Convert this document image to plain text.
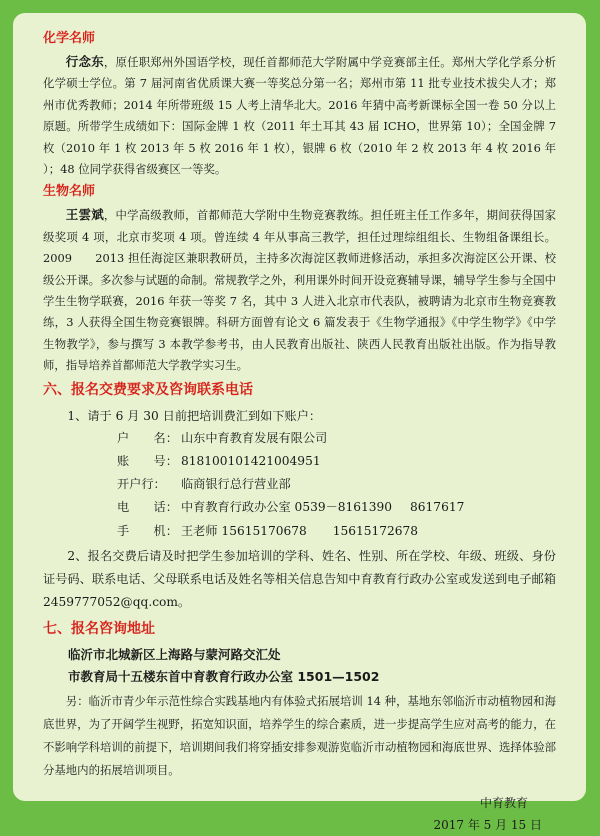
化学名师

行念东，原任职郑州外国语学校，现任首都师范大学附属中学竞赛部主任。郑州大学化学系分析化学硕士学位。第 7 届河南省优质课大赛一等奖总分第一名；郑州市第 11 批专业技术拔尖人才；郑州市优秀教师；2014 年所带班级 15 人考上清华北大。2016 年猜中高考新课标全国一卷 50 分以上原题。所带学生成绩如下：国际金牌 1 枚（2011 年土耳其 43 届 ICHO，世界第 10）；全国金牌 7 枚（2010 年 1 枚 2013 年 5 枚 2016 年 1 枚），银牌 6 枚（2010 年 2 枚 2013 年 4 枚 2016 年 ）；48 位同学获得省级赛区一等奖。

生物名师

王雲斌，中学高级教师，首都师范大学附中生物竞赛教练。担任班主任工作多年，期间获得国家级奖项 4 项，北京市奖项 4 项。曾连续 4 年从事高三教学，担任过理综组组长、生物组备课组长。2009　　2013 担任海淀区兼职教研员，主持多次海淀区教师进修活动，承担多次海淀区公开课、校级公开课。多次参与试题的命制。常规教学之外，利用课外时间开设竞赛辅导课，辅导学生参与全国中学生生物学联赛，2016 年获一等奖 7 名，其中 3 人进入北京市代表队，被聘请为北京市生物竞赛教练，3 人获得全国生物竞赛银牌。科研方面曾有论文 6 篇发表于《生物学通报》《中学生物学》《中学生物教学》，参与撰写 3 本教学参考书，由人民教育出版社、陕西人民教育出版社出版。作为指导教师，指导培养首都师范大学教学实习生。

六、报名交费要求及咨询联系电话

1、请于 6 月 30 日前把培训费汇到如下账户：

户　　名： 山东中育教育发展有限公司
账　　号： 818100101421004951
开户行：	临商银行总行营业部
电　　话： 中育教育行政办公室 0539－8161390 8617617
手　　机： 王老师 15615170678 15615172678

2、报名交费后请及时把学生参加培训的学科、姓名、性别、所在学校、年级、班级、身份证号码、联系电话、父母联系电话及姓名等相关信息告知中育教育行政办公室或发送到电子邮箱2459777052@qq.com。

七、报名咨询地址

临沂市北城新区上海路与蒙河路交汇处

市教育局十五楼东首中育教育行政办公室 1501—1502

另：临沂市青少年示范性综合实践基地内有体验式拓展培训 14 种，基地东邻临沂市动植物园和海底世界，为了开阔学生视野，拓宽知识面，培养学生的综合素质，进一步提高学生应对高考的能力，在不影响学科培训的前提下，培训期间我们将穿插安排参观游览临沂市动植物园和海底世界、选择体验部分基地内的拓展培训项目。

中育教育

2017 年 5 月 15 日
